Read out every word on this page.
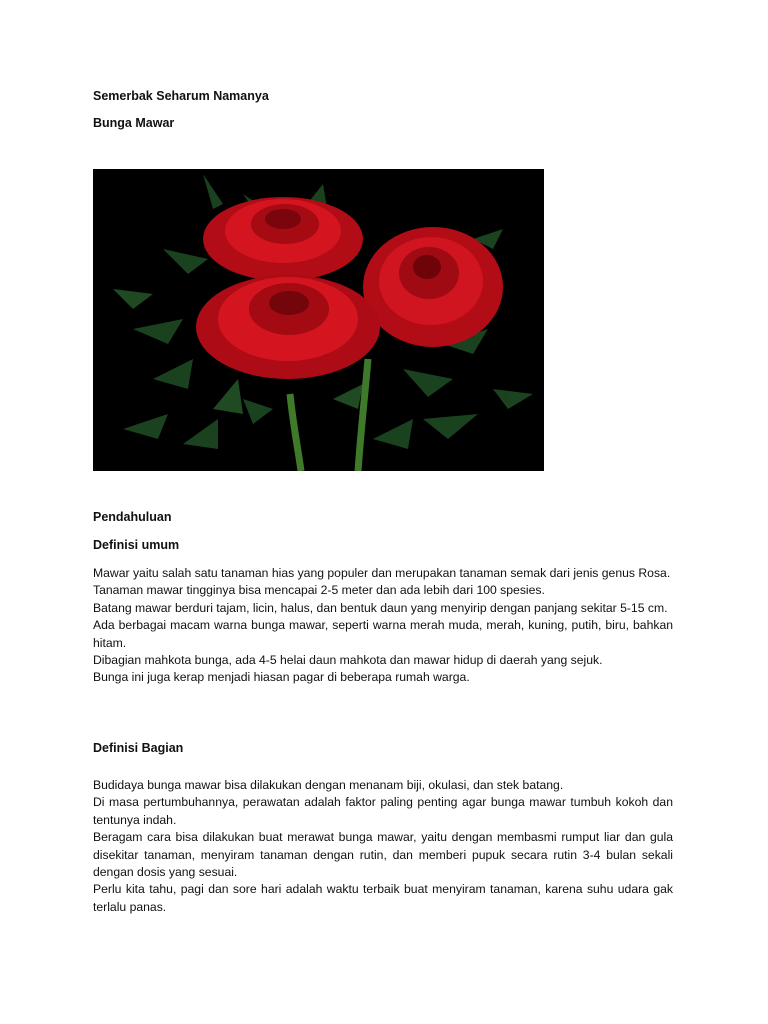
Semerbak Seharum Namanya
Bunga Mawar
Pendahuluan
Definisi umum

Mawar yaitu salah satu tanaman hias yang populer dan merupakan tanaman semak dari jenis genus Rosa.

Tanaman mawar tingginya bisa mencapai 2-5 meter dan ada lebih dari 100 spesies.

Batang mawar berduri tajam, licin, halus, dan bentuk daun yang menyirip dengan panjang sekitar 5-15 cm.

Ada berbagai macam warna bunga mawar, seperti warna merah muda, merah, kuning, putih, biru, bahkan hitam.

Dibagian mahkota bunga, ada 4-5 helai daun mahkota dan mawar hidup di daerah yang sejuk.

Bunga ini juga kerap menjadi hiasan pagar di beberapa rumah warga.

Definisi Bagian

Budidaya bunga mawar bisa dilakukan dengan menanam biji, okulasi, dan stek batang.

Di masa pertumbuhannya, perawatan adalah faktor paling penting agar bunga mawar tumbuh kokoh dan tentunya indah.

Beragam cara bisa dilakukan buat merawat bunga mawar, yaitu dengan membasmi rumput liar dan gula disekitar tanaman, menyiram tanaman dengan rutin, dan memberi pupuk secara rutin 3-4 bulan sekali dengan dosis yang sesuai.

Perlu kita tahu, pagi dan sore hari adalah waktu terbaik buat menyiram tanaman, karena suhu udara gak terlalu panas.
